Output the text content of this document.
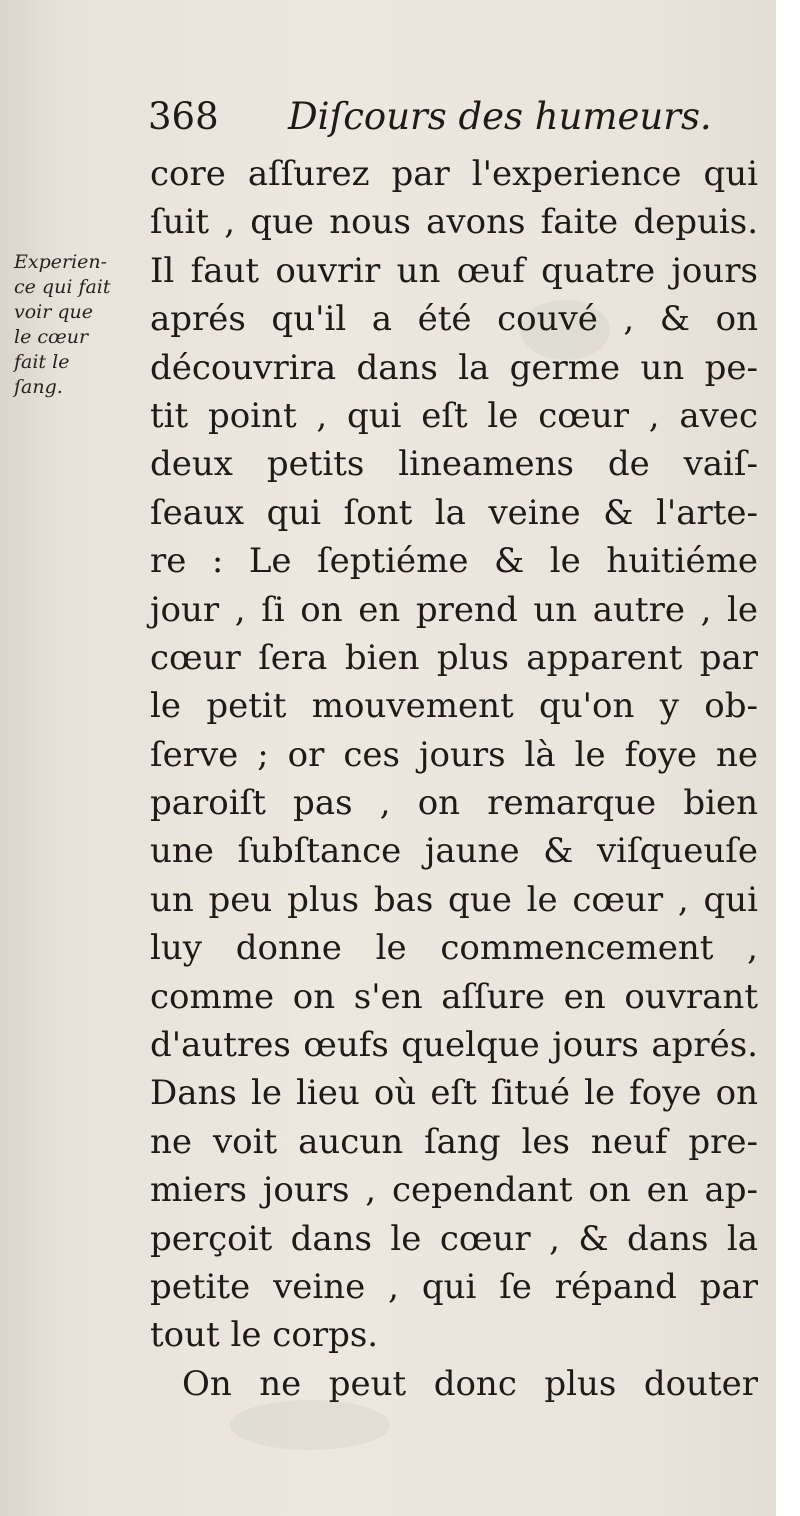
368 Diſcours des humeurs.
Experien-
ce qui fait
voir que
le cœur
fait le
ſang.
core aſſurez par l'experience qui
ſuit , que nous avons faite depuis.
Il faut ouvrir un œuf quatre jours
aprés qu'il a été couvé , & on
découvrira dans la germe un pe-
tit point , qui eſt le cœur , avec
deux petits lineamens de vaiſ-
ſeaux qui ſont la veine & l'arte-
re : Le ſeptiéme & le huitiéme
jour , ſi on en prend un autre , le
cœur ſera bien plus apparent par
le petit mouvement qu'on y ob-
ſerve ; or ces jours là le foye ne
paroiſt pas , on remarque bien
une ſubſtance jaune & viſqueuſe
un peu plus bas que le cœur , qui
luy donne le commencement ,
comme on s'en aſſure en ouvrant
d'autres œufs quelque jours aprés.
Dans le lieu où eſt ſitué le foye on
ne voit aucun ſang les neuf pre-
miers jours , cependant on en ap-
perçoit dans le cœur , & dans la
petite veine , qui ſe répand par
tout le corps.
On ne peut donc plus douter
